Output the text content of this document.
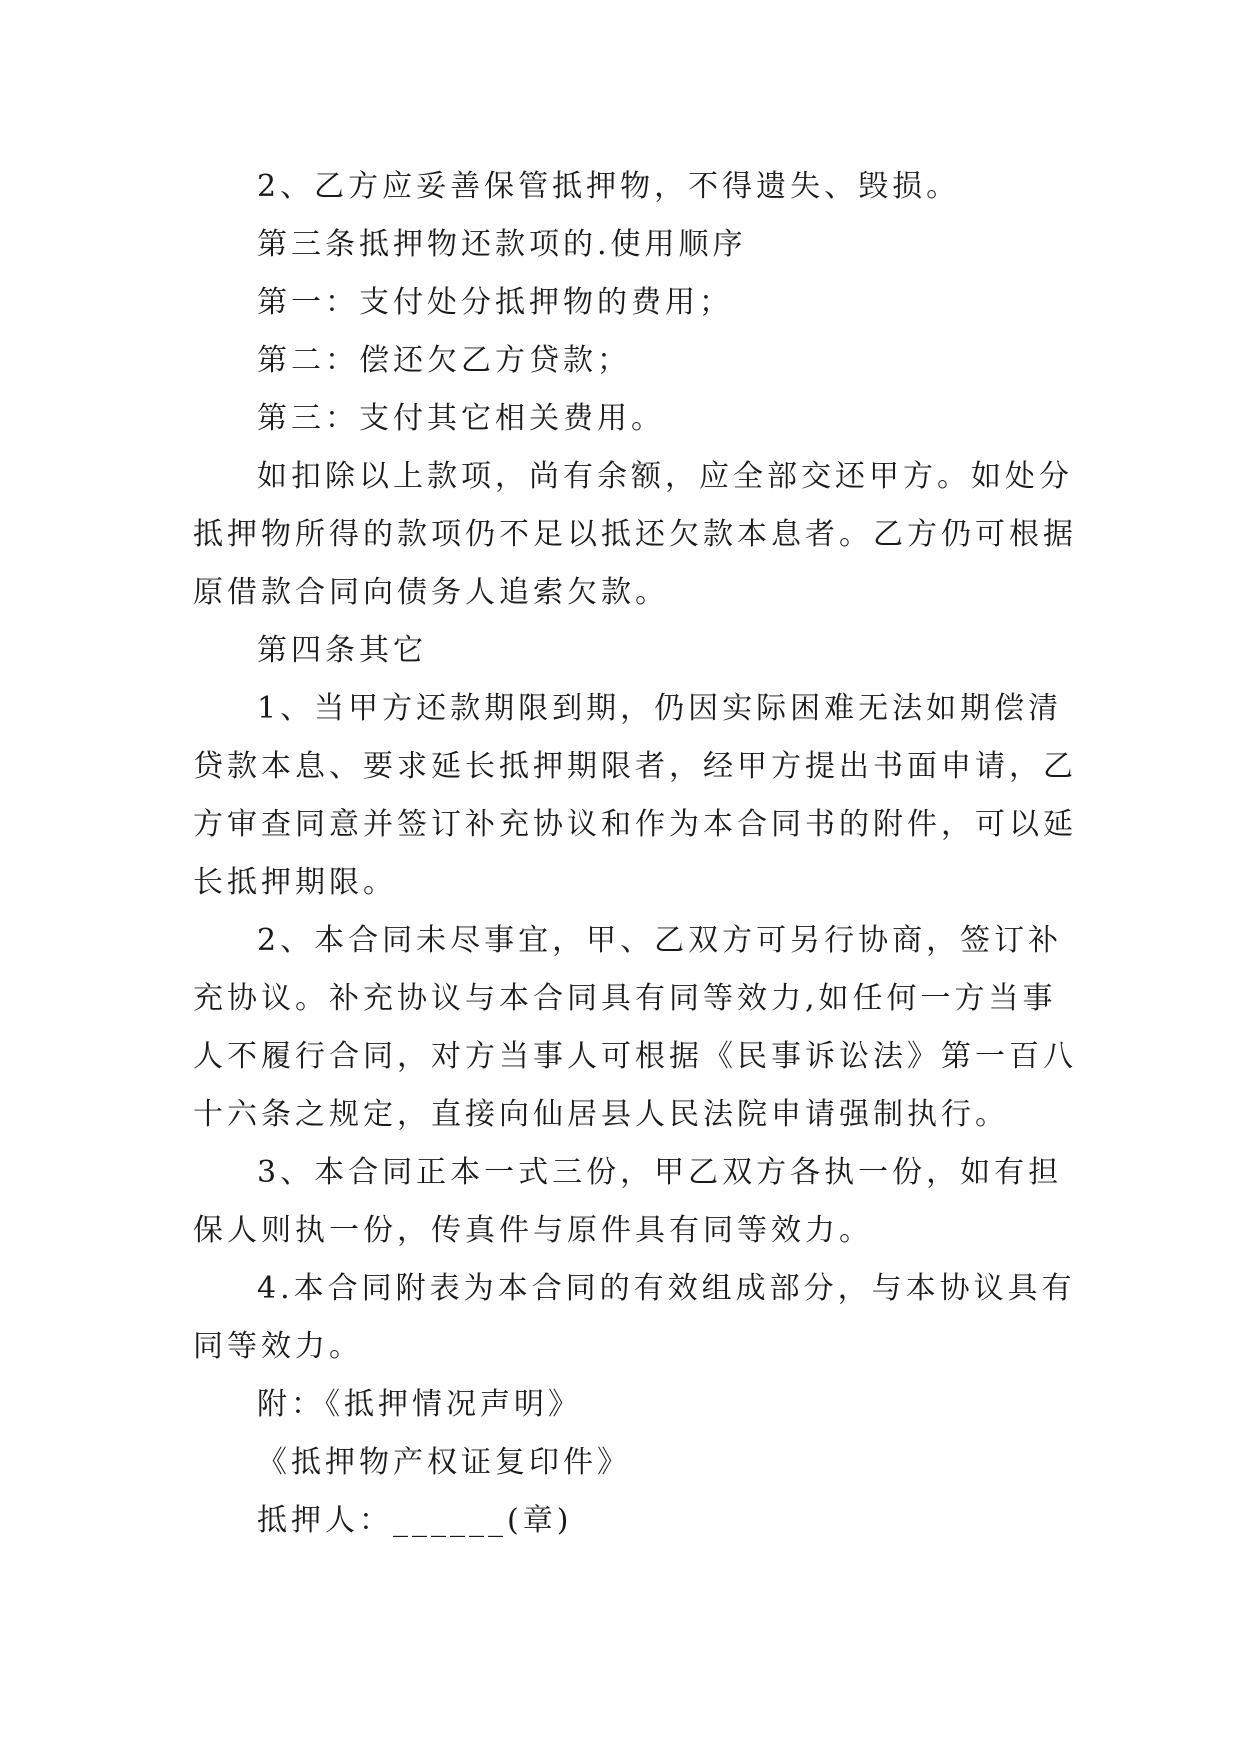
2、乙方应妥善保管抵押物，不得遗失、毁损。
第三条抵押物还款项的.使用顺序
第一：支付处分抵押物的费用；
第二：偿还欠乙方贷款；
第三：支付其它相关费用。
如扣除以上款项，尚有余额，应全部交还甲方。如处分
抵押物所得的款项仍不足以抵还欠款本息者。乙方仍可根据
原借款合同向债务人追索欠款。
第四条其它
1、当甲方还款期限到期，仍因实际困难无法如期偿清
贷款本息、要求延长抵押期限者，经甲方提出书面申请，乙
方审查同意并签订补充协议和作为本合同书的附件，可以延
长抵押期限。
2、本合同未尽事宜，甲、乙双方可另行协商，签订补
充协议。补充协议与本合同具有同等效力,如任何一方当事
人不履行合同，对方当事人可根据《民事诉讼法》第一百八
十六条之规定，直接向仙居县人民法院申请强制执行。
3、本合同正本一式三份，甲乙双方各执一份，如有担
保人则执一份，传真件与原件具有同等效力。
4.本合同附表为本合同的有效组成部分，与本协议具有
同等效力。
附：《抵押情况声明》
《抵押物产权证复印件》
抵押人：______(章)
